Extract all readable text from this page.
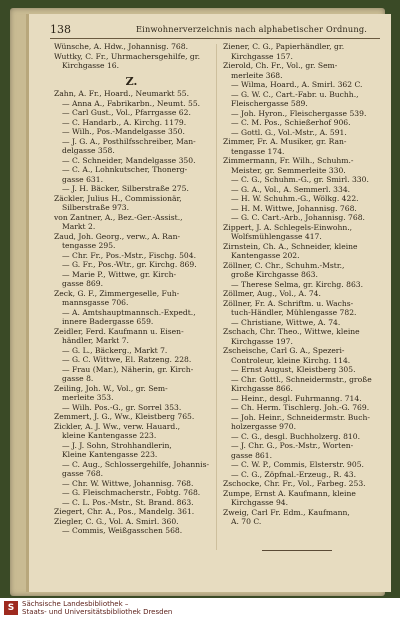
138	Einwohnerverzeichnis nach alphabetischer Ordnung.
Wünsche, A. Hdw., Johannisg. 768.
Wuttky, C. Fr., Uhrmachersgehilfe, gr.
Kirchgasse 16.
Z.
Zahn, A. Fr., Hoard., Neumarkt 55.
— Anna A., Fabrikarbn., Neumt. 55.
— Carl Gust., Vol., Pfarrgasse 62.
— C. Handarb., A. Kirchg. 1179.
— Wilh., Pos.-Mandelgasse 350.
— J. G. A., Posthilfsschreiber, Man-
delgasse 358.
— C. Schneider, Mandelgasse 350.
— C. A., Lohnkutscher, Thonerg-
gasse 631.
— J. H. Bäcker, Silberstraße 275.
Zäckler, Julius H., Commissionär,
Silberstraße 973.
von Zantner, A., Bez.-Ger.-Assist.,
Markt 2.
Zaud, Joh. Georg., verw., A. Ran-
tengasse 295.
— Chr. Fr., Pos.-Mstr., Fischg. 504.
— G. Fr., Pos.-Wtr., gr. Kirchg. 869.
— Marie P., Wittwe, gr. Kirch-
gasse 869.
Zeck, G. F., Zimmergeselle, Fuh-
mannsgasse 706.
— A. Amtshauptmannsch.-Expedt.,
innere Badergasse 659.
Zeidler, Ferd. Kaufmann u. Eisen-
händler, Markt 7.
— G. L., Bäckerg., Markt 7.
— G. C. Wittwe, El. Ratzeng. 228.
— Frau (Mar.), Näherin, gr. Kirch-
gasse 8.
Zeiling, Joh. W., Vol., gr. Sem-
merleite 353.
— Wilh. Pos.-G., gr. Sorrel 353.
Zemmert, J. G., Ww., Kleistberg 765.
Zickler, A. J. Ww., verw. Hauard.,
kleine Kantengasse 223.
— J. J. Sohn, Strohhandlerin,
Kleine Kantengasse 223.
— C. Aug., Schlossergehilfe, Johannis-
gasse 768.
— Chr. W. Wittwe, Johannisg. 768.
— G. Fleischmacherstr., Fobtg. 768.
— C. L. Pos.-Mstr., St. Brand. 863.
Ziegert, Chr. A., Pos., Mandelg. 361.
Ziegler, C. G., Vol. A. Smirl. 360.
— Commis, Weißgasschen 568.
Ziener, C. G., Papierhändler, gr.
Kirchgasse 157.
Zierold, Ch. Fr., Vol., gr. Sem-
merleite 368.
— Wilma, Hoard., A. Smirl. 362 C.
— G. W. C., Cart.-Fabr. u. Buchh.,
Fleischergasse 589.
— Joh. Hyron., Fleischergasse 539.
— C. M. Pos., Schießerhof 906.
— Gottl. G., Vol.-Mstr., A. 591.
Zimmer, Fr. A. Musiker, gr. Ran-
tengasse 174.
Zimmermann, Fr. Wilh., Schuhm.-
Meister, gr. Semmerleite 330.
— C. G., Schuhm.-G., gr. Smirl. 330.
— G. A., Vol., A. Semmerl. 334.
— H. W. Schuhm.-G., Wölkg. 422.
— H. M. Wittwe, Johannisg. 768.
— G. C. Cart.-Arb., Johannisg. 768.
Zippert, J. A. Schlegels-Einwohn.,
Wolfsmühlengasse 417.
Zirnstein, Ch. A., Schneider, kleine
Kantengasse 202.
Zöllner, C. Chr., Schuhm.-Mstr.,
große Kirchgasse 863.
— Therese Selma, gr. Kirchg. 863.
Zöllmer, Aug., Vol., A. 74.
Zöllner, Fr. A. Schriftm. u. Wachs-
tuch-Händler, Mühlengasse 782.
— Christiane, Wittwe, A. 74.
Zschach, Chr. Theo., Wittwe, kleine
Kirchgasse 197.
Zscheische, Carl G. A., Spezeri-
Controleur, kleine Kirchg. 114.
— Ernst August, Kleistberg 305.
— Chr. Gottl., Schneidermstr., große
Kirchgasse 866.
— Heinr., desgl. Fuhrmanng. 714.
— Ch. Herm. Tischlerg. Joh.-G. 769.
— Joh. Heinr., Schneidermstr. Buch-
holzergasse 970.
— C. G., desgl. Buchholzerg. 810.
— J. Chr. G., Pos.-Mstr., Worten-
gasse 861.
— C. W. P., Commis, Elsterstr. 905.
— C. G., Zöpfnal.-Erzeug., R. 43.
Zschocke, Chr. Fr., Vol., Farbeg. 253.
Zumpe, Ernst A. Kaufmann, kleine
Kirchgasse 94.
Zweig, Carl Fr. Edm., Kaufmann,
A. 70 C.
S	Sächsische Landesbibliothek –
Staats- und Universitätsbibliothek Dresden
